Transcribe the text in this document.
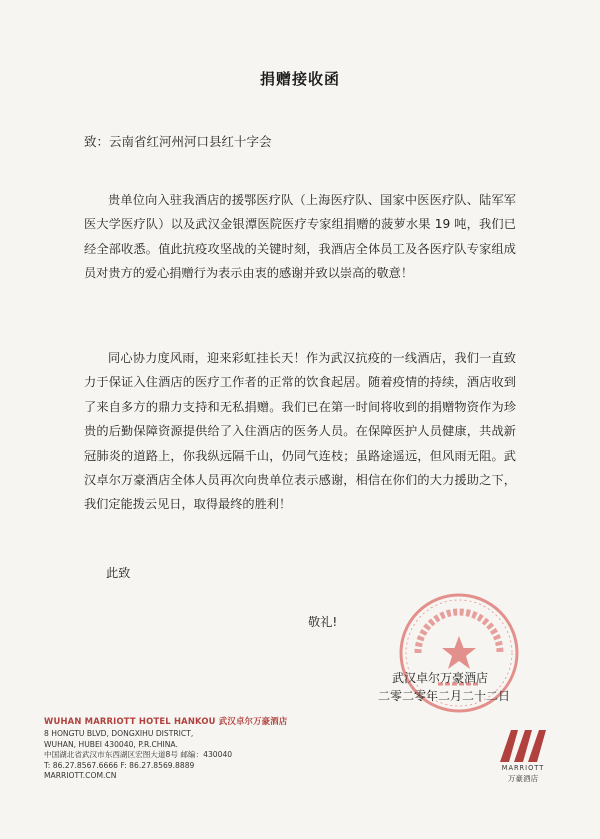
捐赠接收函
致：云南省红河州河口县红十字会

贵单位向入驻我酒店的援鄂医疗队（上海医疗队、国家中医医疗队、陆军军医大学医疗队）以及武汉金银潭医院医疗专家组捐赠的菠萝水果 19 吨，我们已经全部收悉。值此抗疫攻坚战的关键时刻，我酒店全体员工及各医疗队专家组成员对贵方的爱心捐赠行为表示由衷的感谢并致以崇高的敬意！

同心协力度风雨，迎来彩虹挂长天！作为武汉抗疫的一线酒店，我们一直致力于保证入住酒店的医疗工作者的正常的饮食起居。随着疫情的持续，酒店收到了来自多方的鼎力支持和无私捐赠。我们已在第一时间将收到的捐赠物资作为珍贵的后勤保障资源提供给了入住酒店的医务人员。在保障医护人员健康，共战新冠肺炎的道路上，你我纵远隔千山，仍同气连枝；虽路途遥远，但风雨无阻。武汉卓尔万豪酒店全体人员再次向贵单位表示感谢，相信在你们的大力援助之下，我们定能拨云见日，取得最终的胜利！

此致
敬礼!
武汉卓尔万豪酒店
二零二零年二月二十二日
WUHAN MARRIOTT HOTEL HANKOU 武汉卓尔万豪酒店
8 HONGTU BLVD, DONGXIHU DISTRICT,
WUHAN, HUBEI 430040, P.R.CHINA.
中国湖北省武汉市东西湖区宏图大道8号 邮编：430040
T: 86.27.8567.6666 F: 86.27.8569.8889
MARRIOTT.COM.CN
MARRIOTT
万豪酒店
